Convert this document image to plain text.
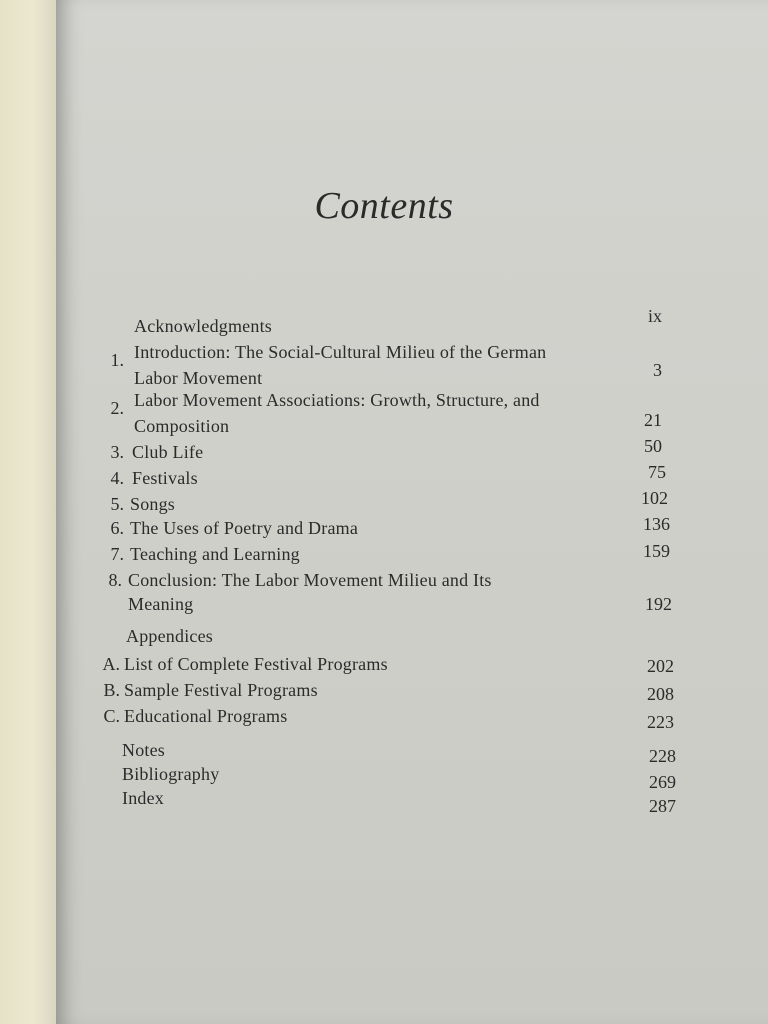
Contents
Acknowledgments	ix
1. Introduction: The Social-Cultural Milieu of the German
Labor Movement	3
2. Labor Movement Associations: Growth, Structure, and
Composition	21
3. Club Life	50
4. Festivals	75
5. Songs	102
6. The Uses of Poetry and Drama	136
7. Teaching and Learning	159
8. Conclusion: The Labor Movement Milieu and Its
Meaning	192
Appendices
A. List of Complete Festival Programs	202
B. Sample Festival Programs	208
C. Educational Programs	223
Notes	228
Bibliography	269
Index	287
